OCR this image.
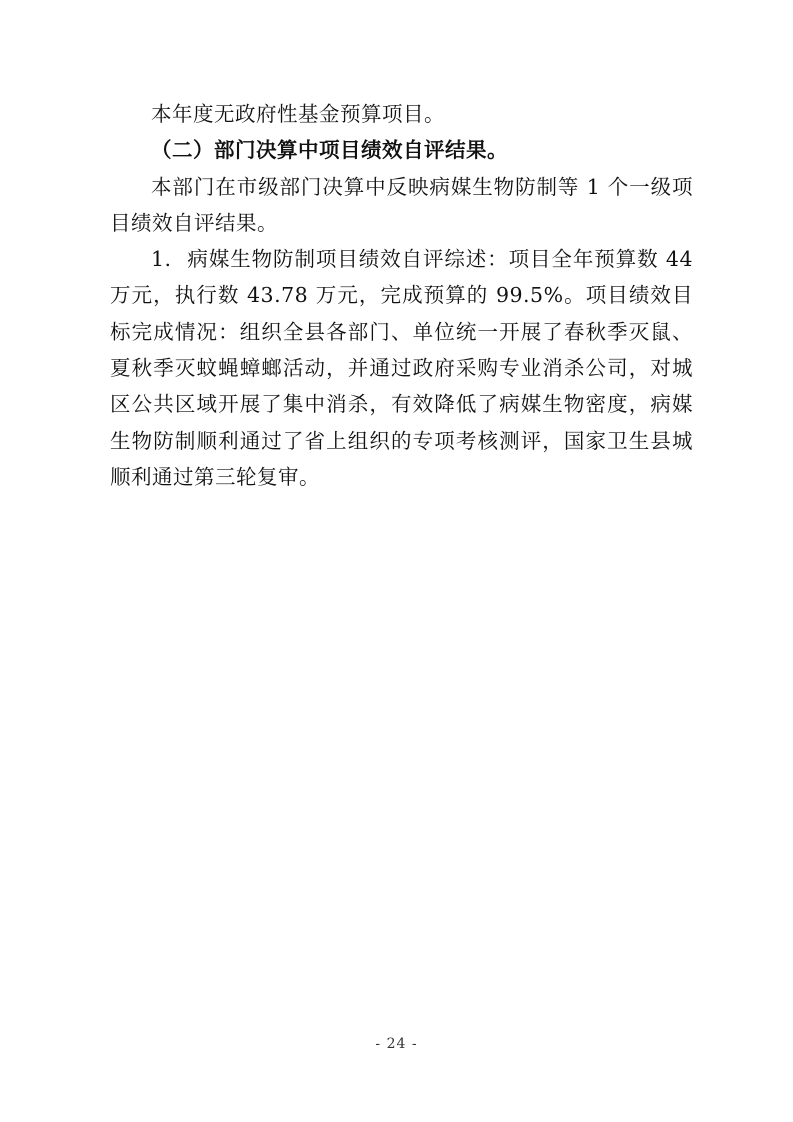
本年度无政府性基金预算项目。

（二）部门决算中项目绩效自评结果。

本部门在市级部门决算中反映病媒生物防制等 1 个一级项目绩效自评结果。

1. 病媒生物防制项目绩效自评综述：项目全年预算数 44 万元，执行数 43.78 万元，完成预算的 99.5%。项目绩效目标完成情况：组织全县各部门、单位统一开展了春秋季灭鼠、夏秋季灭蚊蝇蟑螂活动，并通过政府采购专业消杀公司，对城区公共区域开展了集中消杀，有效降低了病媒生物密度，病媒生物防制顺利通过了省上组织的专项考核测评，国家卫生县城顺利通过第三轮复审。

- 24 -
